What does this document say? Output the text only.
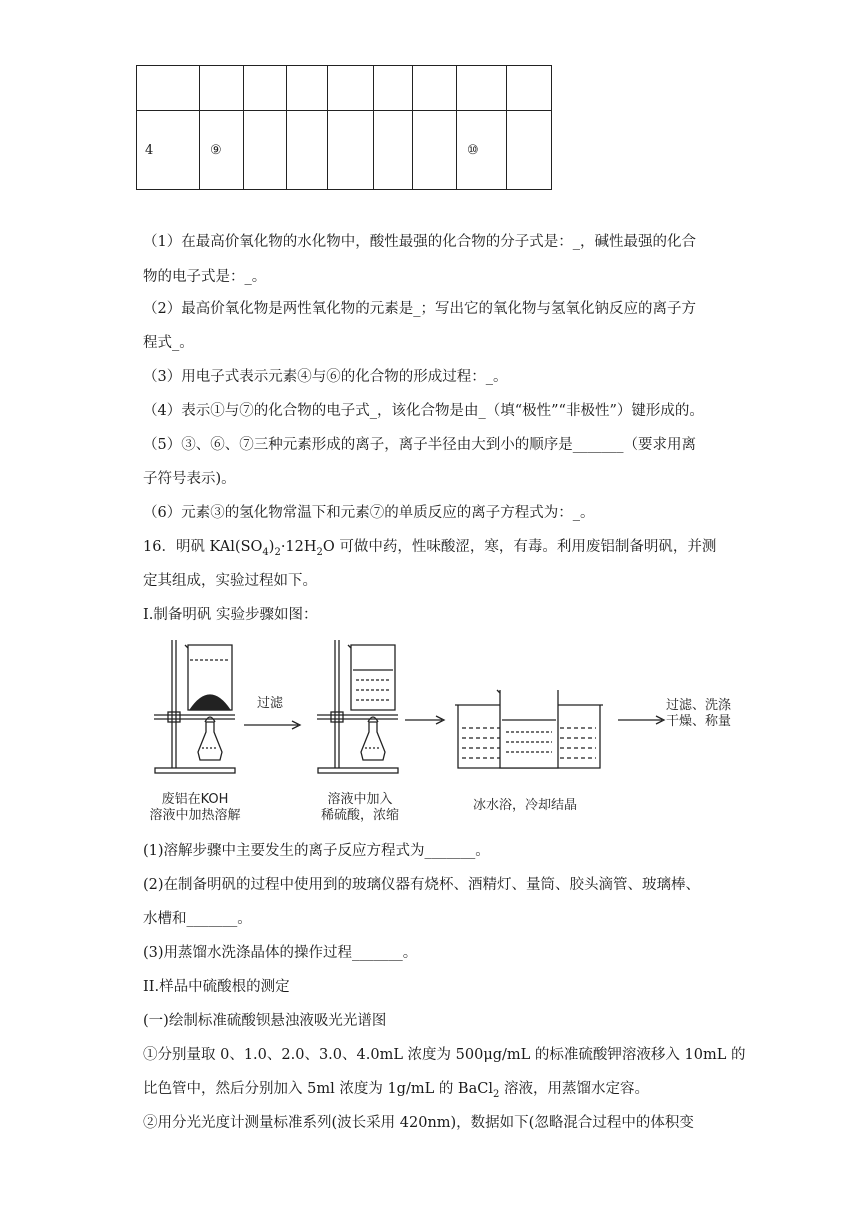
4	⑨						⑩	
（1）在最高价氧化物的水化物中，酸性最强的化合物的分子式是：_，碱性最强的化合
物的电子式是：_。
（2）最高价氧化物是两性氧化物的元素是_；写出它的氧化物与氢氧化钠反应的离子方
程式_。
（3）用电子式表示元素④与⑥的化合物的形成过程：_。
（4）表示①与⑦的化合物的电子式_，该化合物是由_（填“极性”“非极性”）键形成的。
（5）③、⑥、⑦三种元素形成的离子，离子半径由大到小的顺序是_______（要求用离
子符号表示)。
（6）元素③的氢化物常温下和元素⑦的单质反应的离子方程式为：_。
16．明矾 $KAl(SO_4)_2\cdot 12H_2O$ 可做中药，性味酸涩，寒，有毒。利用废铝制备明矾，并测
定其组成，实验过程如下。
I.制备明矾 实验步骤如图：
过滤	过滤、洗涤
干燥、称量
废铝在KOH
溶液中加热溶解
溶液中加入
稀硫酸，浓缩
冰水浴，冷却结晶
(1)溶解步骤中主要发生的离子反应方程式为_______。
(2)在制备明矾的过程中使用到的玻璃仪器有烧杯、酒精灯、量筒、胶头滴管、玻璃棒、
水槽和_______。
(3)用蒸馏水洗涤晶体的操作过程_______。
II.样品中硫酸根的测定
(一)绘制标准硫酸钡悬浊液吸光光谱图
①分别量取 0、1.0、2.0、3.0、4.0mL 浓度为 500μg/mL 的标准硫酸钾溶液移入 10mL 的
比色管中，然后分别加入 5ml 浓度为 1g/mL 的 BaCl$_2$ 溶液，用蒸馏水定容。
②用分光光度计测量标准系列(波长采用 420nm)，数据如下(忽略混合过程中的体积变
